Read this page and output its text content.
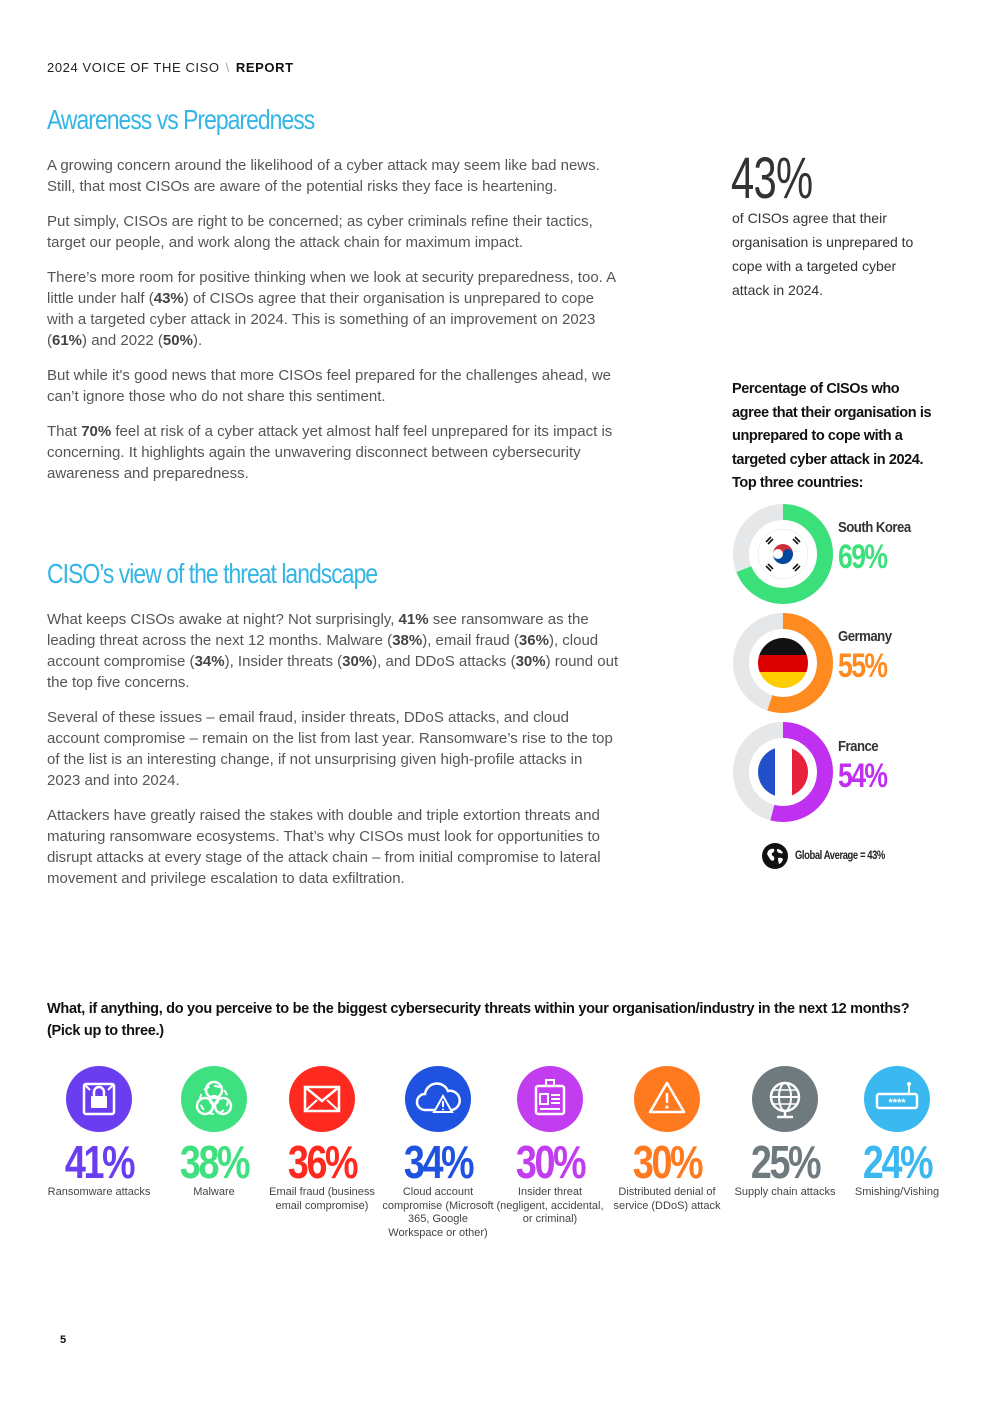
2024 VOICE OF THE CISO \ REPORT
Awareness vs Preparedness

A growing concern around the likelihood of a cyber attack may seem like bad news. Still, that most CISOs are aware of the potential risks they face is heartening.

Put simply, CISOs are right to be concerned; as cyber criminals refine their tactics, target our people, and work along the attack chain for maximum impact.

There’s more room for positive thinking when we look at security preparedness, too. A little under half (43%) of CISOs agree that their organisation is unprepared to cope with a targeted cyber attack in 2024. This is something of an improvement on 2023 (61%) and 2022 (50%).

But while it's good news that more CISOs feel prepared for the challenges ahead, we can’t ignore those who do not share this sentiment.

That 70% feel at risk of a cyber attack yet almost half feel unprepared for its impact is concerning. It highlights again the unwavering disconnect between cybersecurity awareness and preparedness.

CISO’s view of the threat landscape

What keeps CISOs awake at night? Not surprisingly, 41% see ransomware as the leading threat across the next 12 months. Malware (38%), email fraud (36%), cloud account compromise (34%), Insider threats (30%), and DDoS attacks (30%) round out the top five concerns.

Several of these issues – email fraud, insider threats, DDoS attacks, and cloud account compromise – remain on the list from last year. Ransomware’s rise to the top of the list is an interesting change, if not unsurprising given high-profile attacks in 2023 and into 2024.

Attackers have greatly raised the stakes with double and triple extortion threats and maturing ransomware ecosystems. That’s why CISOs must look for opportunities to disrupt attacks at every stage of the attack chain – from initial compromise to lateral movement and privilege escalation to data exfiltration.

43%
of CISOs agree that their organisation is unprepared to cope with a targeted cyber attack in 2024.
Percentage of CISOs who agree that their organisation is unprepared to cope with a targeted cyber attack in 2024. Top three countries:
South Korea
69%
Germany
55%
France
54%
Global Average = 43%
What, if anything, do you perceive to be the biggest cybersecurity threats within your organisation/industry in the next 12 months? (Pick up to three.)
41%
Ransomware attacks
38%
Malware
36%
Email fraud (business email compromise)
34%
Cloud account compromise (Microsoft 365, Google Workspace or other)
30%
Insider threat (negligent, accidental, or criminal)
30%
Distributed denial of service (DDoS) attack
25%
Supply chain attacks
****
24%
Smishing/Vishing
5
